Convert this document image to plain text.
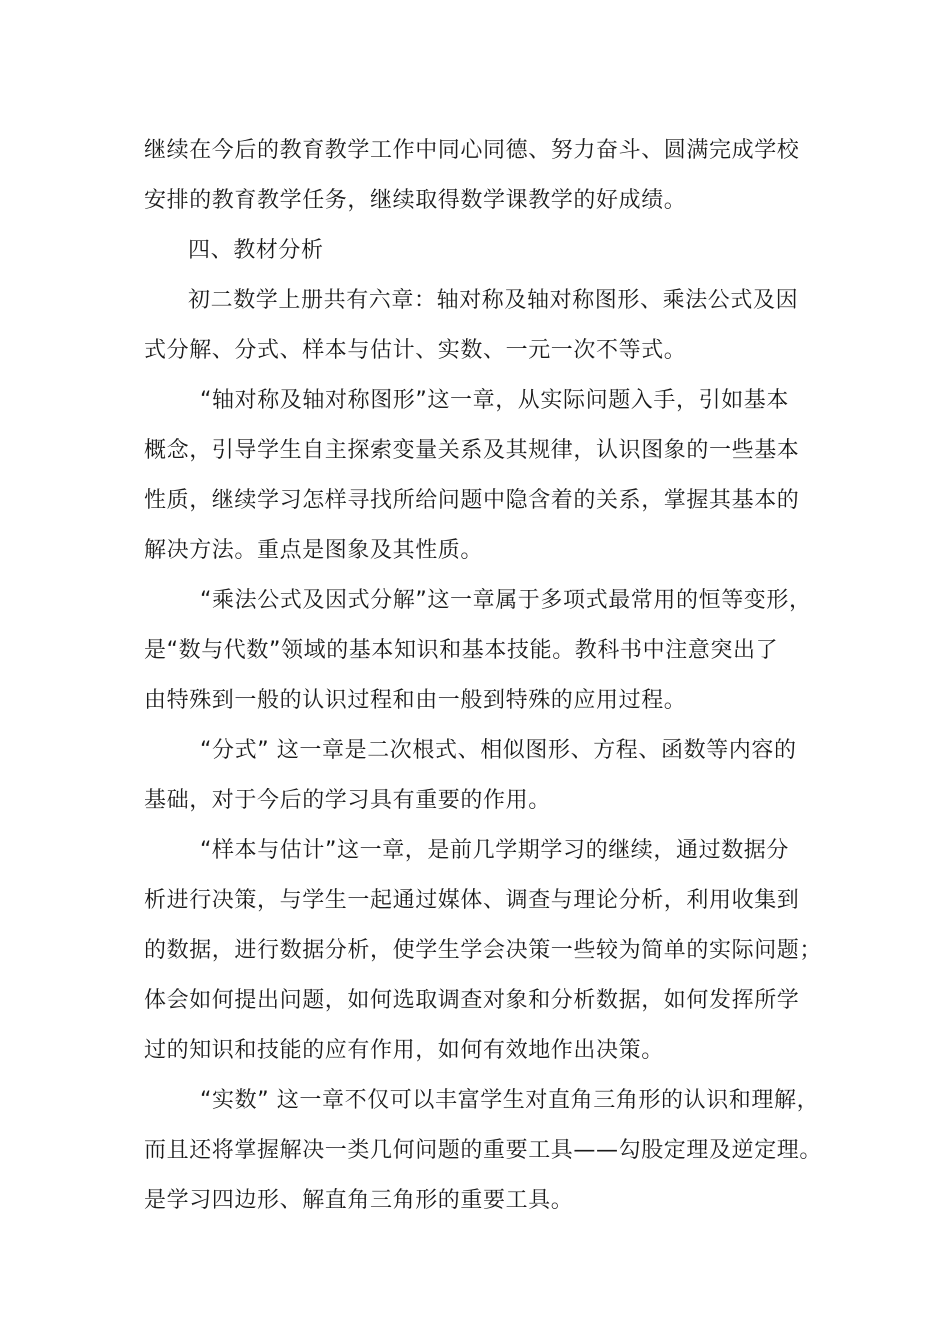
继续在今后的教育教学工作中同心同德、努力奋斗、圆满完成学校
安排的教育教学任务，继续取得数学课教学的好成绩。
四、教材分析
初二数学上册共有六章：轴对称及轴对称图形、乘法公式及因
式分解、分式、样本与估计、实数、一元一次不等式。
“轴对称及轴对称图形”这一章，从实际问题入手，引如基本
概念，引导学生自主探索变量关系及其规律，认识图象的一些基本
性质，继续学习怎样寻找所给问题中隐含着的关系，掌握其基本的
解决方法。重点是图象及其性质。
“乘法公式及因式分解”这一章属于多项式最常用的恒等变形，
是“数与代数”领域的基本知识和基本技能。教科书中注意突出了
由特殊到一般的认识过程和由一般到特殊的应用过程。
“分式” 这一章是二次根式、相似图形、方程、函数等内容的
基础，对于今后的学习具有重要的作用。
“样本与估计”这一章，是前几学期学习的继续，通过数据分
析进行决策，与学生一起通过媒体、调查与理论分析，利用收集到
的数据，进行数据分析，使学生学会决策一些较为简单的实际问题；
体会如何提出问题，如何选取调查对象和分析数据，如何发挥所学
过的知识和技能的应有作用，如何有效地作出决策。
“实数” 这一章不仅可以丰富学生对直角三角形的认识和理解，
而且还将掌握解决一类几何问题的重要工具——勾股定理及逆定理。
是学习四边形、解直角三角形的重要工具。
